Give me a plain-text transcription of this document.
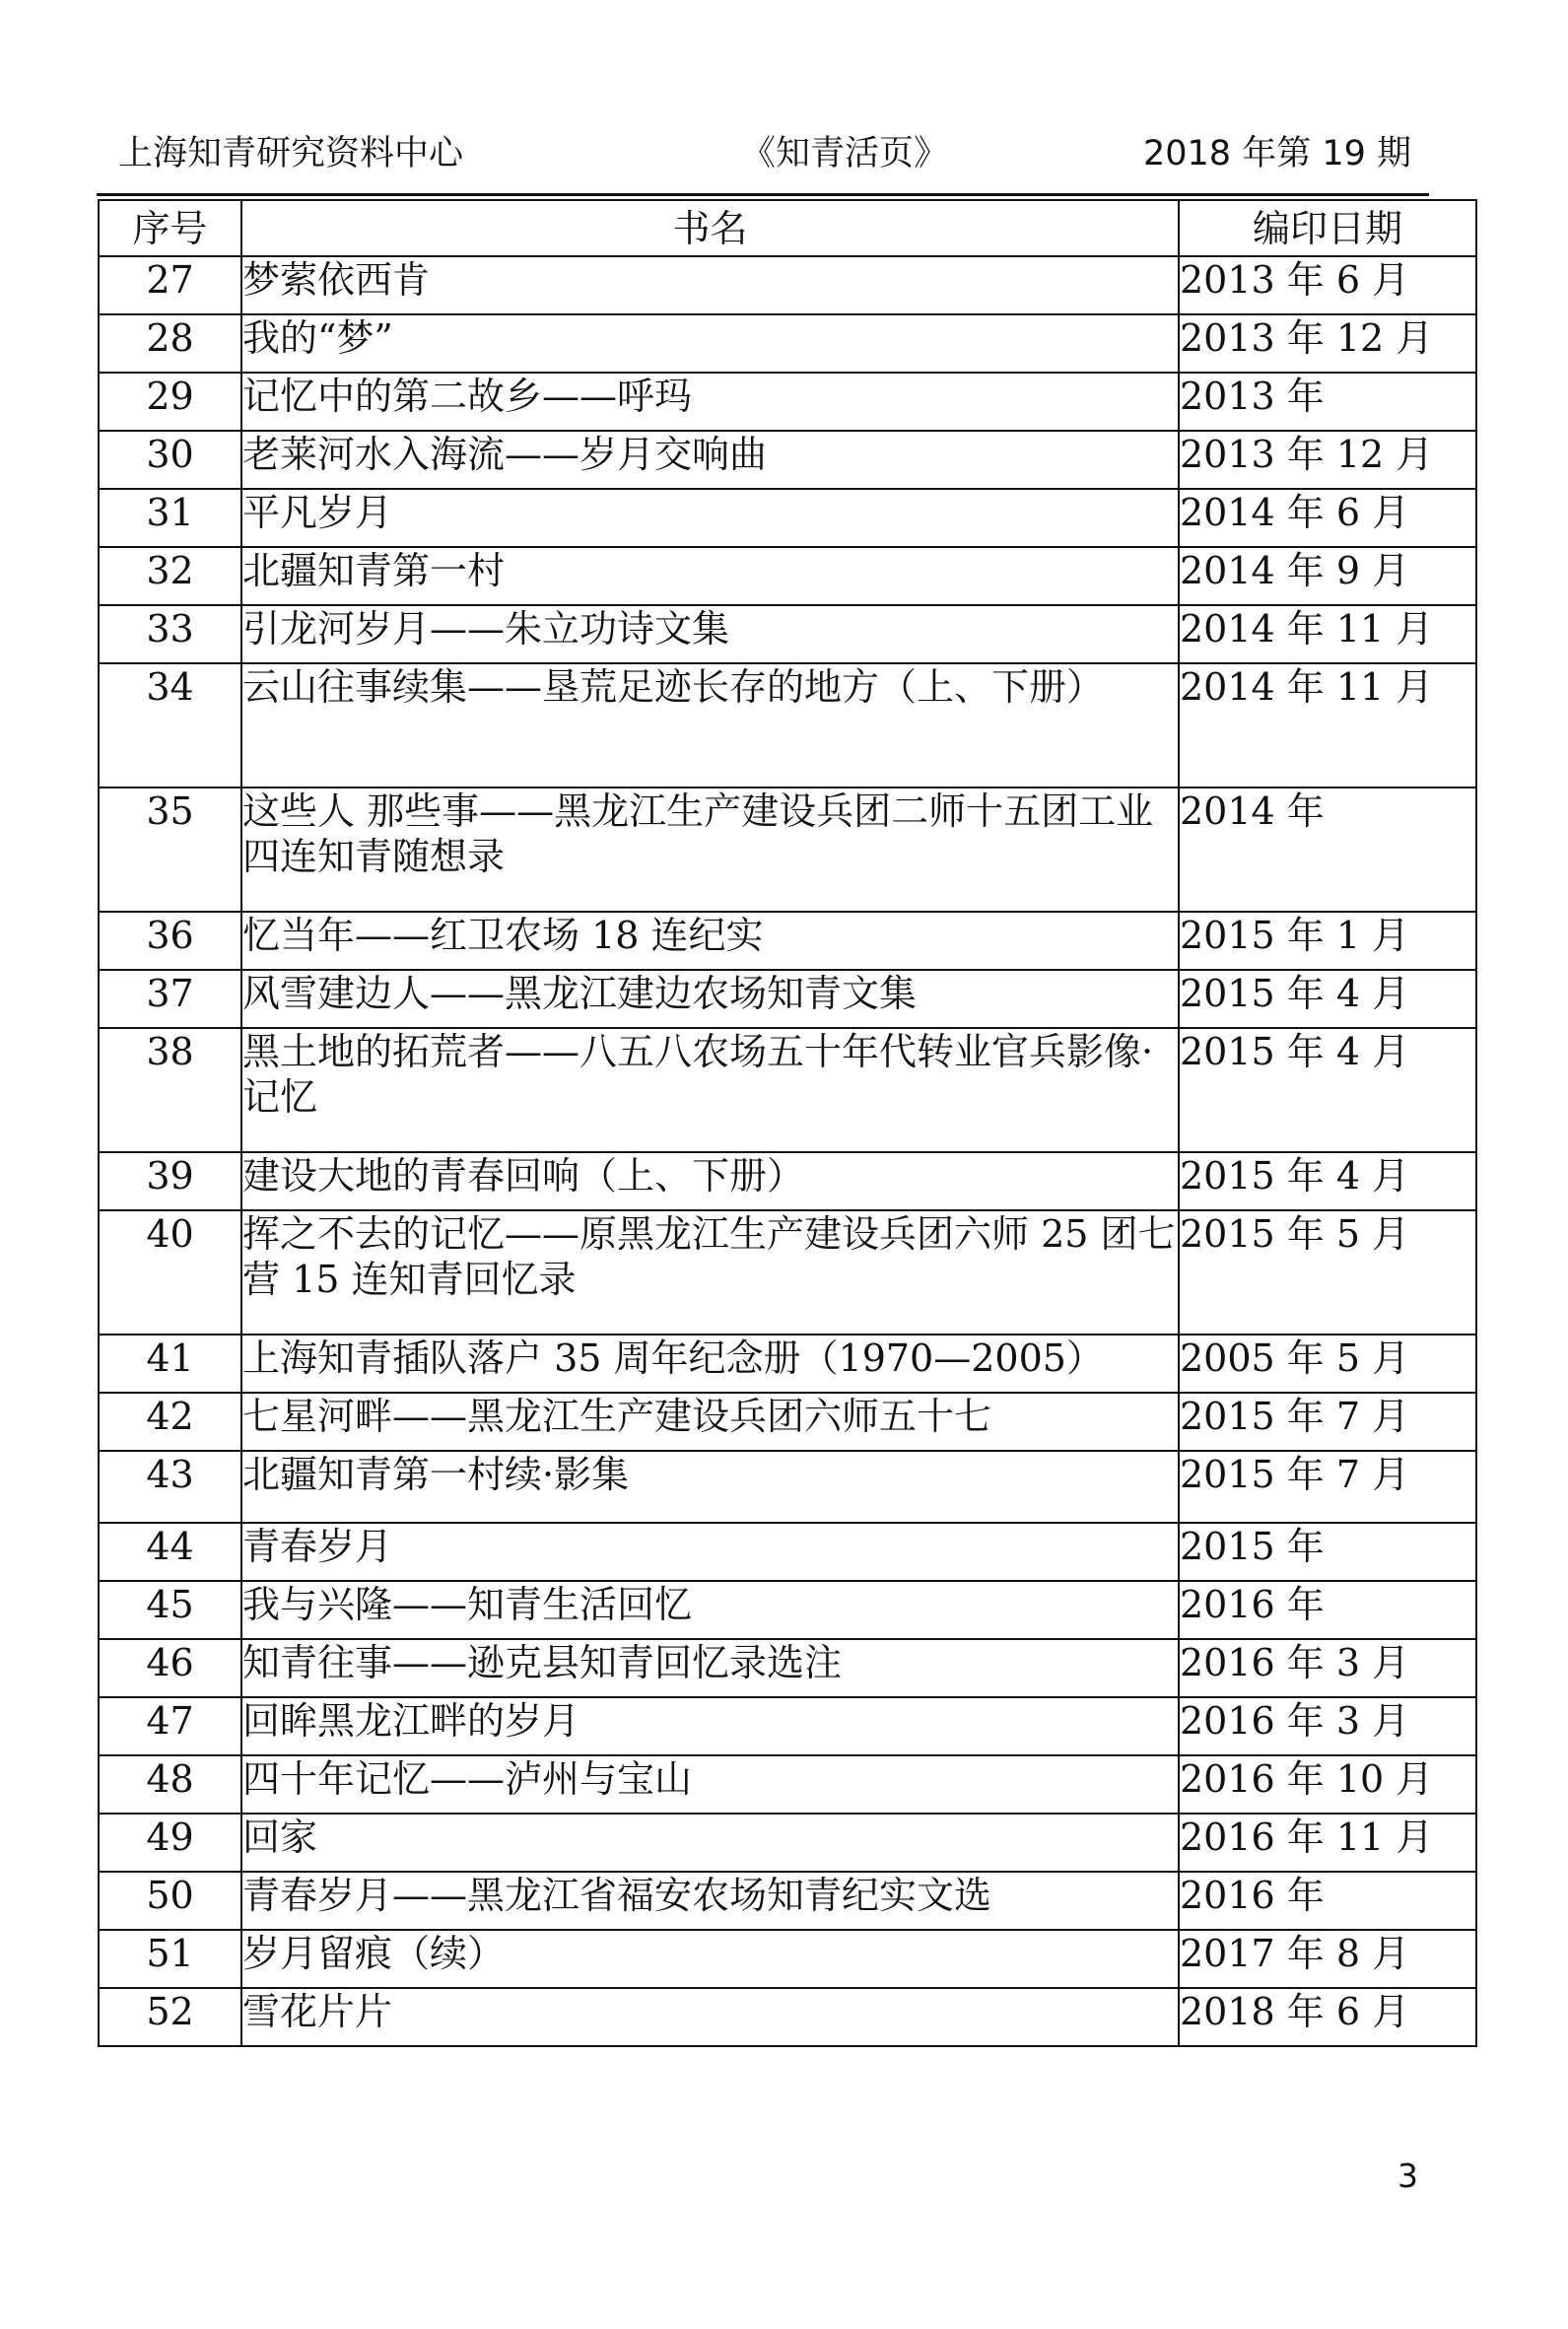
上海知青研究资料中心	《知青活页》	2018 年第 19 期
序号	书名	编印日期
27	梦萦依西肯	2013 年 6 月
28	我的“梦”	2013 年 12 月
29	记忆中的第二故乡——呼玛	2013 年
30	老莱河水入海流——岁月交响曲	2013 年 12 月
31	平凡岁月	2014 年 6 月
32	北疆知青第一村	2014 年 9 月
33	引龙河岁月——朱立功诗文集	2014 年 11 月
34	云山往事续集——垦荒足迹长存的地方（上、下册）	2014 年 11 月
35	这些人 那些事——黑龙江生产建设兵团二师十五团工业四连知青随想录	2014 年
36	忆当年——红卫农场 18 连纪实	2015 年 1 月
37	风雪建边人——黑龙江建边农场知青文集	2015 年 4 月
38	黑土地的拓荒者——八五八农场五十年代转业官兵影像·记忆	2015 年 4 月
39	建设大地的青春回响（上、下册）	2015 年 4 月
40	挥之不去的记忆——原黑龙江生产建设兵团六师 25 团七营 15 连知青回忆录	2015 年 5 月
41	上海知青插队落户 35 周年纪念册（1970—2005）	2005 年 5 月
42	七星河畔——黑龙江生产建设兵团六师五十七	2015 年 7 月
43	北疆知青第一村续·影集	2015 年 7 月
44	青春岁月	2015 年
45	我与兴隆——知青生活回忆	2016 年
46	知青往事——逊克县知青回忆录选注	2016 年 3 月
47	回眸黑龙江畔的岁月	2016 年 3 月
48	四十年记忆——泸州与宝山	2016 年 10 月
49	回家	2016 年 11 月
50	青春岁月——黑龙江省福安农场知青纪实文选	2016 年
51	岁月留痕（续）	2017 年 8 月
52	雪花片片	2018 年 6 月
3
